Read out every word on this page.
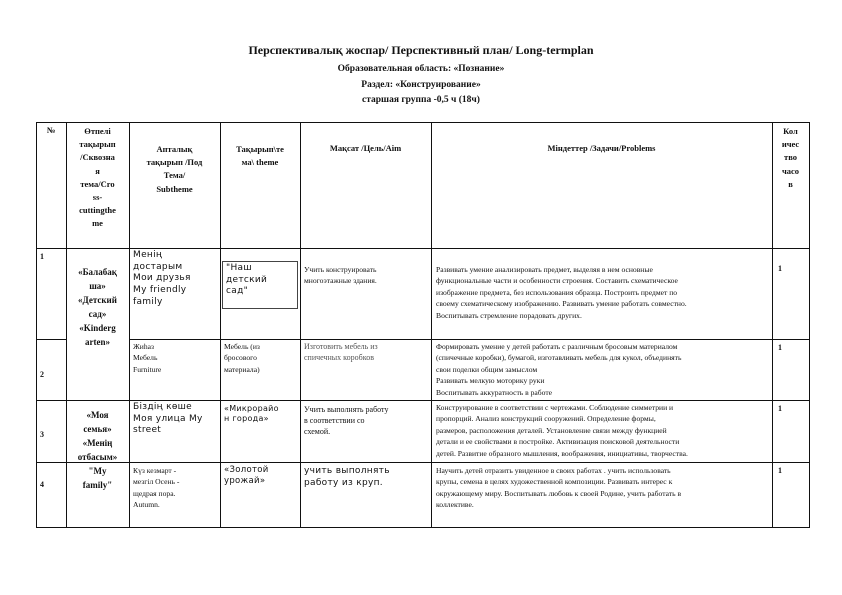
Перспективалық жоспар/ Перспективный план/ Long-termplan
Образовательная область: «Познание»
Раздел: «Конструирование»
старшая группа -0,5 ч (18ч)
№	Өтпелі
тақырып
/Сквозна
я
тема/Cro
ss-
cuttingthe
me
Апталық
тақырып /Под
Тема/
Subtheme
Тақырып\те
ма\ theme
Мақсат /Цель/Aim	Міндеттер /Задачи/Problems
Кол
ичес
тво
часо
в
1
«Балабақ
ша»
«Детский
сад»
«Kinderg
arten»
Менің
достарым
Мои друзья
My friendly
family
"Наш
детский
сад"
Учить конструировать
многоэтажные здания.
Развивать умение анализировать предмет, выделяя в нем основные
функциональные части и особенности строения. Составить схематическое
изображение предмета, без использования образца. Построить предмет по
своему схематическому изображению. Развивать умение работать совместно.
Воспитывать стремление порадовать других.
1
2
Жиһаз
Мебель
Furniture
Мебель (из
бросового
материала)
Изготовить мебель из
спичечных коробков
Формировать умение у детей работать с различным бросовым материалом
(спичечные коробки), бумагой, изготавливать мебель для кукол, объединять
свои поделки общим замыслом
Развивать мелкую моторику руки
Воспитывать аккуратность в работе
1
3
«Моя
семья»
«Менің
отбасым»
"My
family"
Біздің көше
Моя улица My
street
«Микрорайо
н города»
Учить выполнять работу
в соответствии со
схемой.
Конструирование в соответствии с чертежами. Соблюдение симметрии и
пропорций. Анализ конструкций сооружений. Определение формы,
размеров, расположения деталей. Установление связи между функцией
детали и ее свойствами в постройке. Активизация поисковой деятельности
детей. Развитие образного мышления, воображения, инициативы, творчества.
1
4
Күз кезмарт -
мезгіл Осень -
щедрая пора.
Autumn.
«Золотой
урожай»
учить выполнять
работу из круп.
Научить детей отразить увиденное в своих работах . учить использовать
крупы, семена в целях художественной композиции. Развивать интерес к
окружающему миру. Воспитывать любовь к своей Родине, учить работать в
коллективе.
1
